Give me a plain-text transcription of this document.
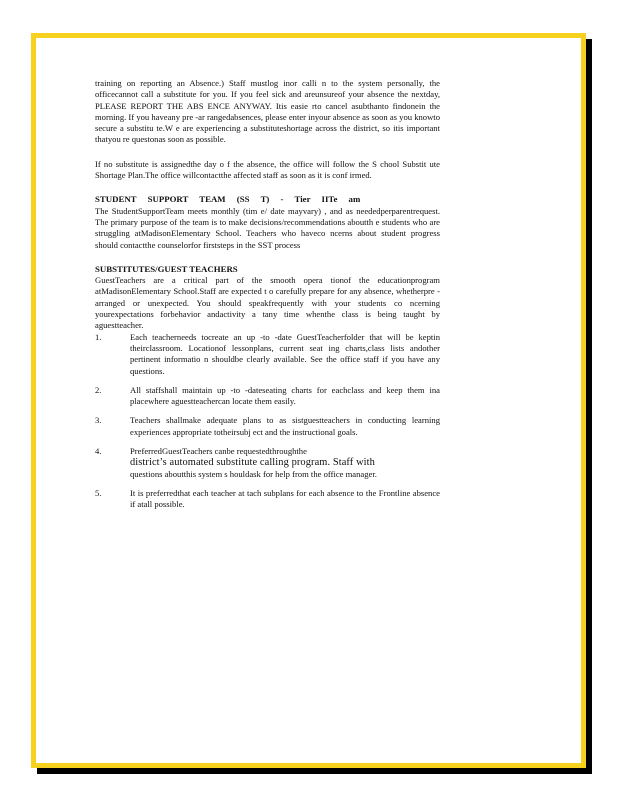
training on reporting an Absence.) Staff mustlog inor calli n to the system personally, the officecannot call a substitute for you. If you feel sick and areunsureof your absence the nextday, PLEASE REPORT THE ABS ENCE ANYWAY. Itis easie rto cancel asubthanto findonein the morning. If you haveany pre -ar rangedabsences, please enter inyour absence as soon as you knowto secure a substitu te.W e are experiencing a substituteshortage across the district, so itis important thatyou re questonas soon as possible.

If no substitute is assignedthe day o f the absence, the office will follow the S chool Substit ute Shortage Plan.The office willcontactthe affected staff as soon as it is conf irmed.

STUDENT SUPPORT TEAM (SS T) - Tier IITe am

The StudentSupportTeam meets monthly (tim e/ date mayvary) , and as neededperparentrequest. The primary purpose of the team is to make decisions/recommendations aboutth e students who are struggling atMadisonElementary School. Teachers who haveco ncerns about student progress should contactthe counselorfor firststeps in the SST process

SUBSTITUTES/GUEST TEACHERS

GuestTeachers are a critical part of the smooth opera tionof the educationprogram atMadisonElementary School.Staff are expected t o carefully prepare for any absence, whetherpre -arranged or unexpected. You should speakfrequently with your students co ncerning yourexpectations forbehavior andactivity a tany time whenthe class is being taught by aguestteacher.

1.	Each teacherneeds tocreate an up -to -date GuestTeacherfolder that will be keptin theirclassroom. Locationof lessonplans, current seat ing charts,class lists andother pertinent informatio n shouldbe clearly available. See the office staff if you have any questions.
2.	All staffshall maintain up -to -dateseating charts for eachclass and keep them ina placewhere aguestteachercan locate them easily.
3.	Teachers shallmake adequate plans to as sistguestteachers in conducting learning experiences appropriate totheirsubj ect and the instructional goals.
4.	PreferredGuestTeachers canbe requestedthroughthe
district’s automated substitute calling program. Staff with
questions aboutthis system s houldask for help from the office manager.
5.	It is preferredthat each teacher at tach subplans for each absence to the Frontline absence if atall possible.
